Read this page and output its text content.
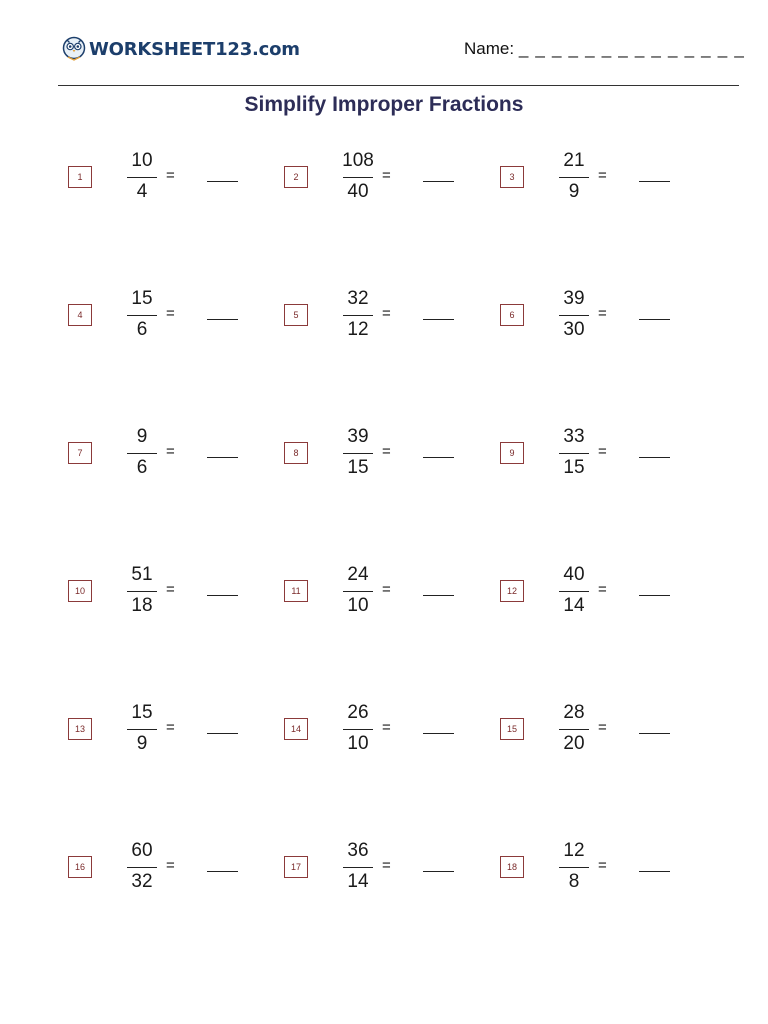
WORKSHEET123.com	Name: _ _ _ _ _ _ _ _ _ _ _ _ _ _
Simplify Improper Fractions
1
10
4
=	2
108
40
=	3
21
9
=
4
15
6
=	5
32
12
=	6
39
30
=
7
9
6
=	8
39
15
=	9
33
15
=
10
51
18
=	11
24
10
=	12
40
14
=
13
15
9
=	14
26
10
=	15
28
20
=
16
60
32
=	17
36
14
=	18
12
8
=
